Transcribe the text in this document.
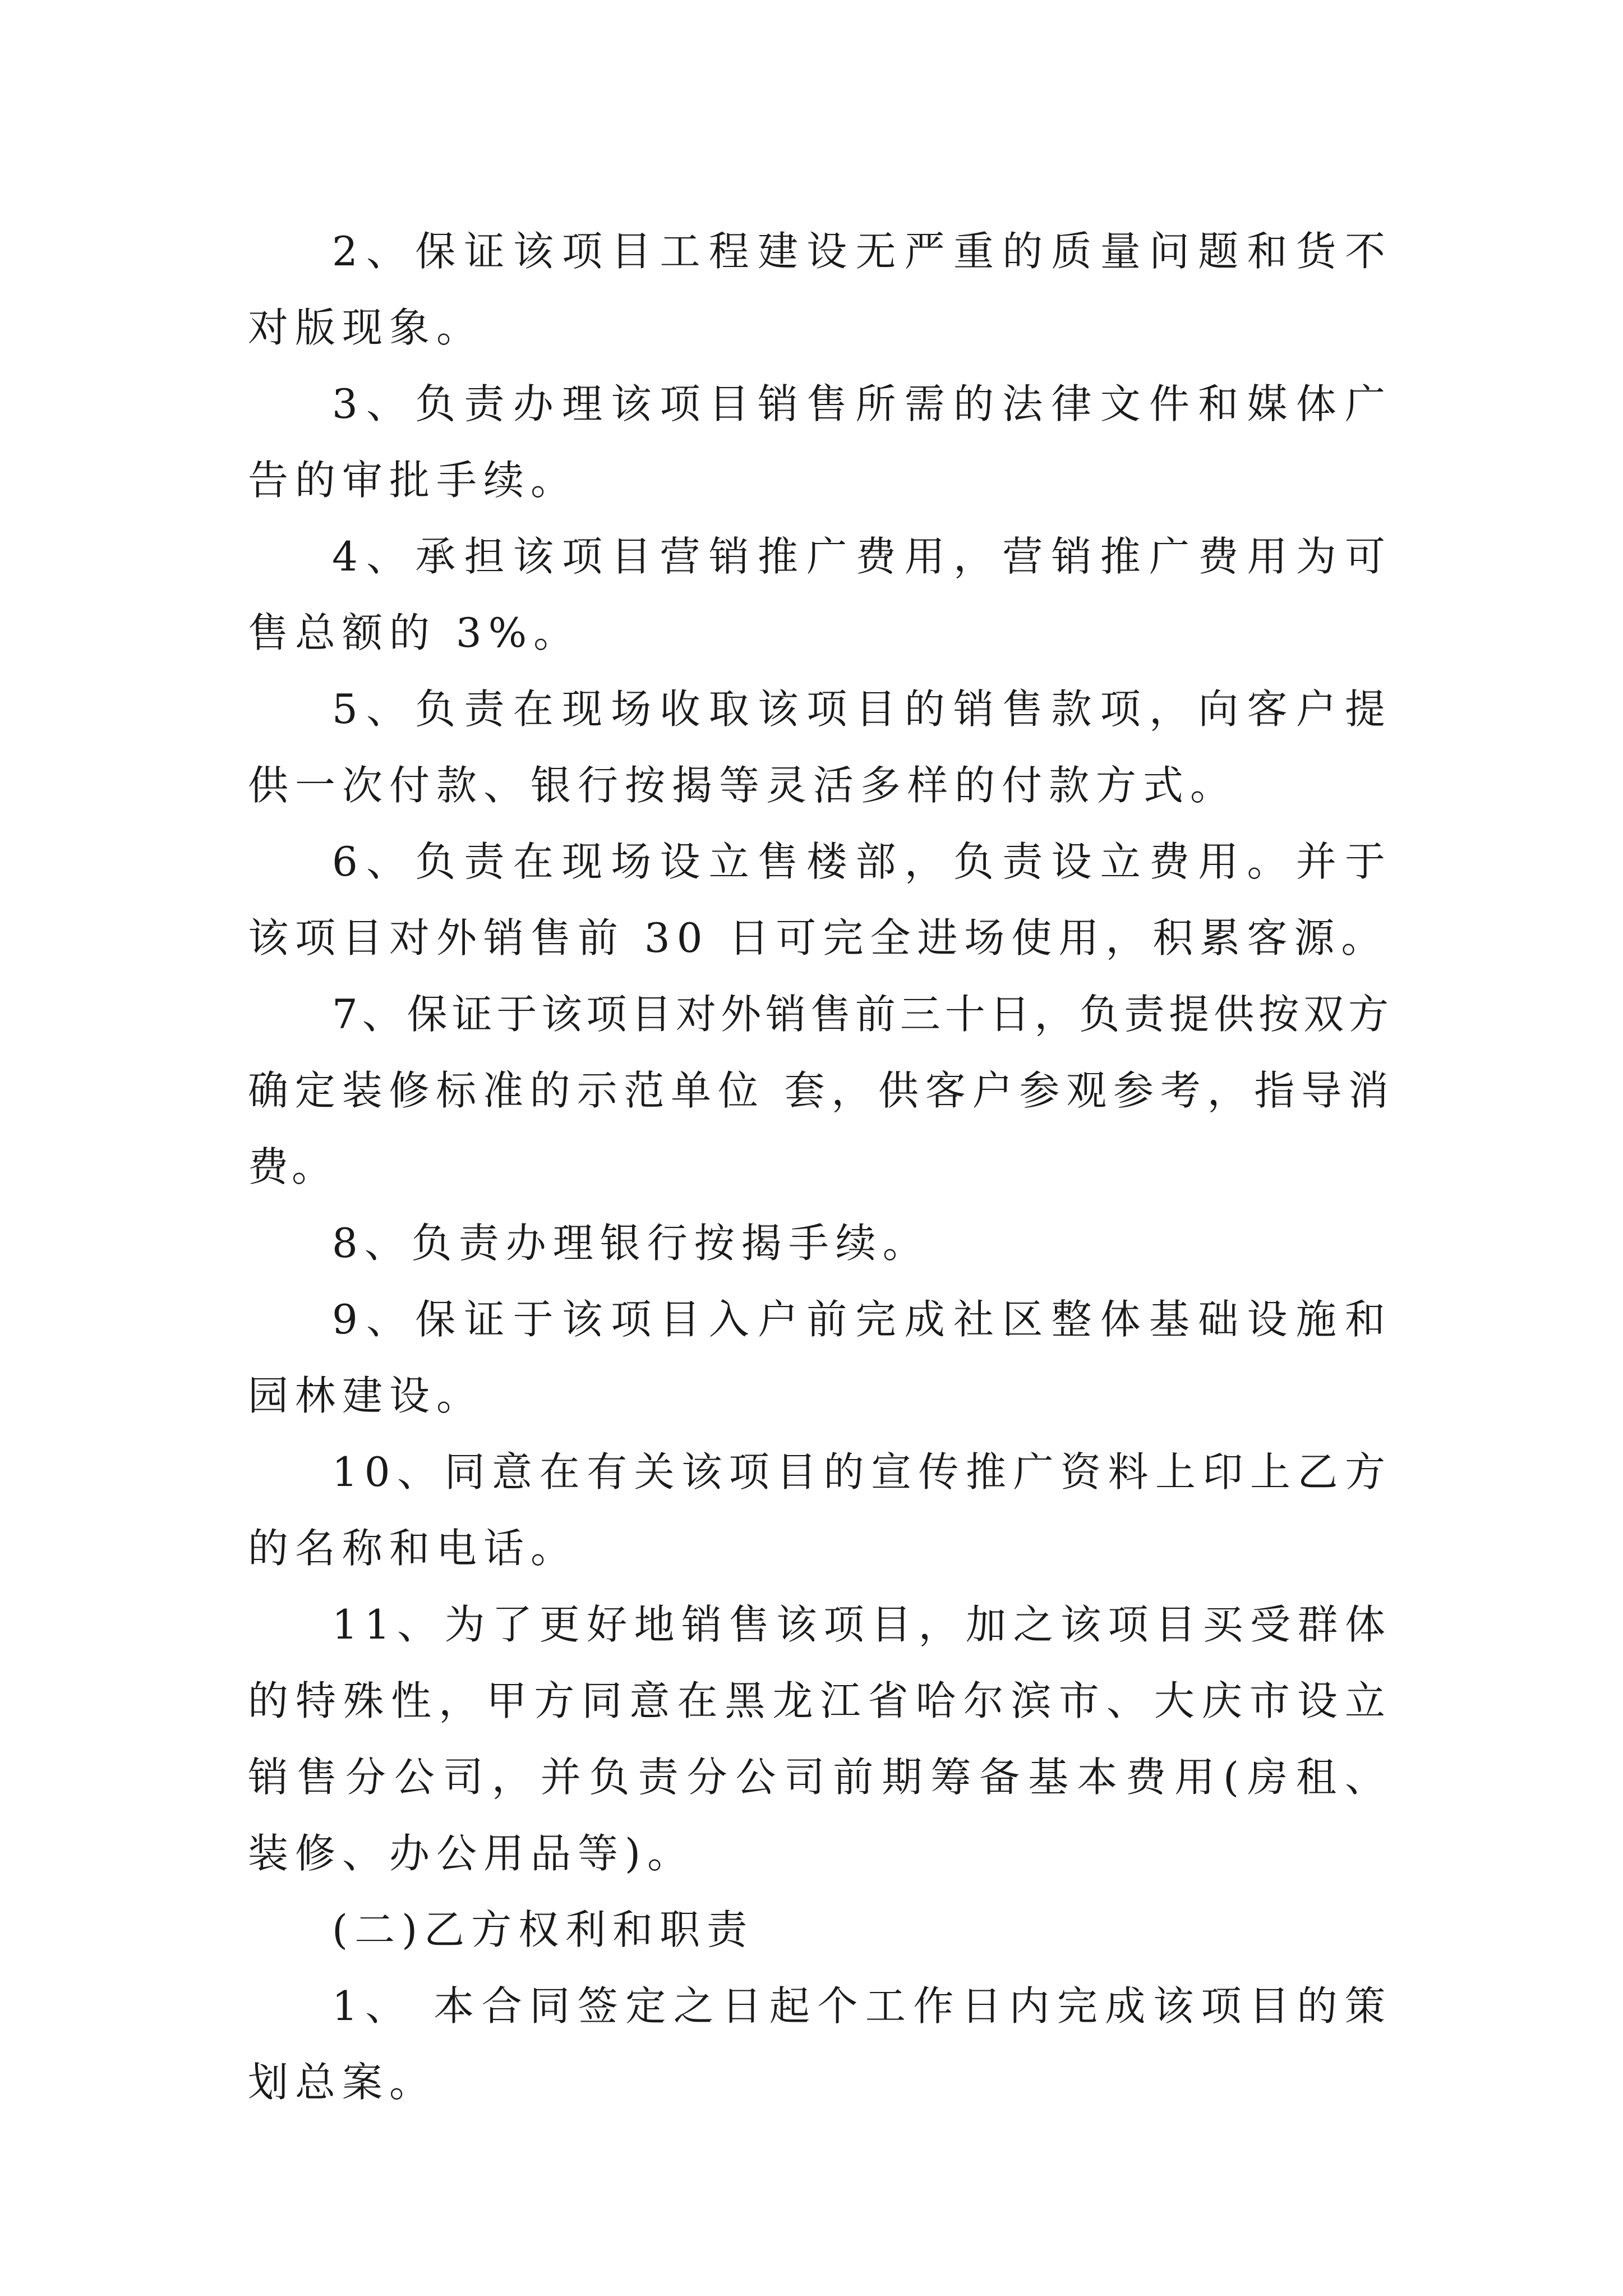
2、保证该项目工程建设无严重的质量问题和货不对版现象。

3、负责办理该项目销售所需的法律文件和媒体广告的审批手续。

4、承担该项目营销推广费用，营销推广费用为可售总额的 3%。

5、负责在现场收取该项目的销售款项，向客户提供一次付款、银行按揭等灵活多样的付款方式。

6、负责在现场设立售楼部，负责设立费用。并于该项目对外销售前 30 日可完全进场使用，积累客源。

7、保证于该项目对外销售前三十日，负责提供按双方确定装修标准的示范单位 套，供客户参观参考，指导消费。

8、负责办理银行按揭手续。

9、保证于该项目入户前完成社区整体基础设施和园林建设。

10、同意在有关该项目的宣传推广资料上印上乙方的名称和电话。

11、为了更好地销售该项目，加之该项目买受群体的特殊性，甲方同意在黑龙江省哈尔滨市、大庆市设立销售分公司，并负责分公司前期筹备基本费用(房租、装修、办公用品等)。

(二)乙方权利和职责

1、 本合同签定之日起个工作日内完成该项目的策划总案。
